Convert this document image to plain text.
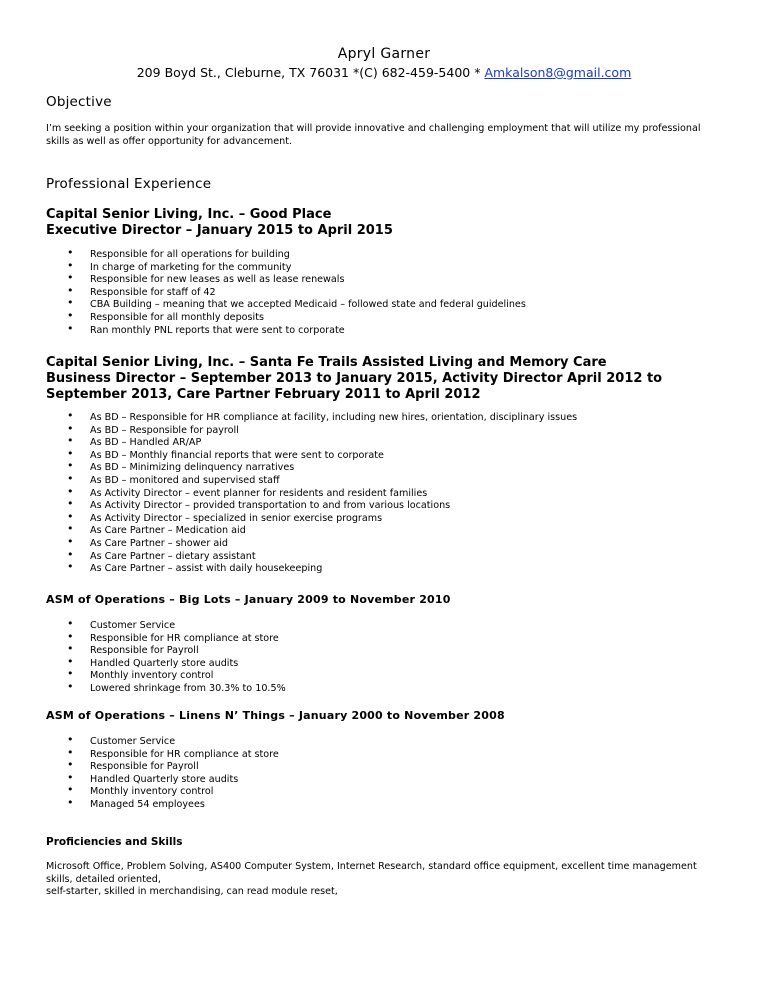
Apryl Garner
209 Boyd St., Cleburne, TX 76031 *(C) 682-459-5400 * Amkalson8@gmail.com
Objective

I’m seeking a position within your organization that will provide innovative and challenging employment that will utilize my professional skills as well as offer opportunity for advancement.

Professional Experience
Capital Senior Living, Inc. – Good Place
Executive Director – January 2015 to April 2015
• Responsible for all operations for building
• In charge of marketing for the community
• Responsible for new leases as well as lease renewals
• Responsible for staff of 42
• CBA Building – meaning that we accepted Medicaid – followed state and federal guidelines
• Responsible for all monthly deposits
• Ran monthly PNL reports that were sent to corporate
Capital Senior Living, Inc. – Santa Fe Trails Assisted Living and Memory Care
Business Director – September 2013 to January 2015, Activity Director April 2012 to September 2013, Care Partner February 2011 to April 2012
• As BD – Responsible for HR compliance at facility, including new hires, orientation, disciplinary issues
• As BD – Responsible for payroll
• As BD – Handled AR/AP
• As BD – Monthly financial reports that were sent to corporate
• As BD – Minimizing delinquency narratives
• As BD – monitored and supervised staff
• As Activity Director – event planner for residents and resident families
• As Activity Director – provided transportation to and from various locations
• As Activity Director – specialized in senior exercise programs
• As Care Partner – Medication aid
• As Care Partner – shower aid
• As Care Partner – dietary assistant
• As Care Partner – assist with daily housekeeping
ASM of Operations – Big Lots – January 2009 to November 2010
• Customer Service
• Responsible for HR compliance at store
• Responsible for Payroll
• Handled Quarterly store audits
• Monthly inventory control
• Lowered shrinkage from 30.3% to 10.5%
ASM of Operations – Linens N’ Things – January 2000 to November 2008
• Customer Service
• Responsible for HR compliance at store
• Responsible for Payroll
• Handled Quarterly store audits
• Monthly inventory control
• Managed 54 employees
Proficiencies and Skills

Microsoft Office, Problem Solving, AS400 Computer System, Internet Research, standard office equipment, excellent time management skills, detailed oriented,

self-starter, skilled in merchandising, can read module reset,
